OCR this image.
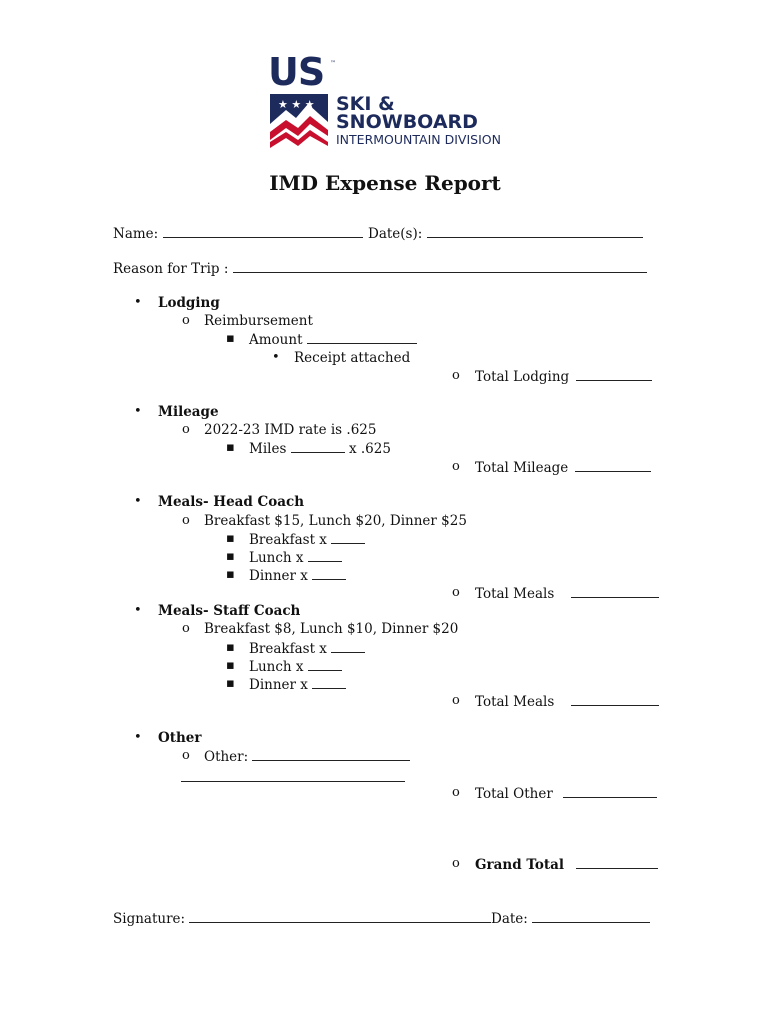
★ ★ ★
US ™
SKI &
SNOWBOARD
INTERMOUNTAIN DIVISION
IMD Expense Report
Name:	Date(s):
Reason for Trip :
• Lodging
o Reimbursement
▪ Amount
• Receipt attached
o Total Lodging
• Mileage
o 2022-23 IMD rate is .625
▪ Miles	x .625
o Total Mileage
• Meals- Head Coach
o Breakfast $15, Lunch $20, Dinner $25
▪ Breakfast x
▪ Lunch x
▪ Dinner x
o Total Meals
• Meals- Staff Coach
o Breakfast $8, Lunch $10, Dinner $20
▪ Breakfast x
▪ Lunch x
▪ Dinner x
o Total Meals
• Other
o Other:
o Total Other
o Grand Total
Signature:	Date:
